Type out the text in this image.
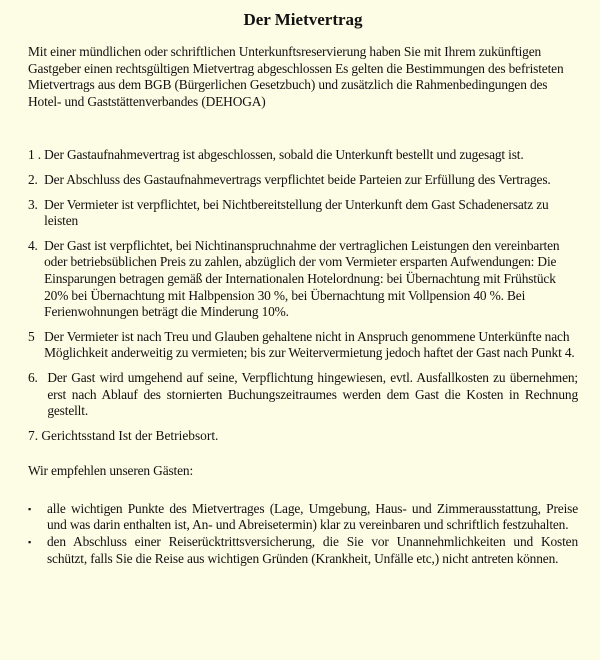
Der Mietvertrag

Mit einer mündlichen oder schriftlichen Unterkunftsreservierung haben Sie mit Ihrem zukünftigen Gastgeber einen rechtsgültigen Mietvertrag abgeschlossen Es gelten die Bestimmungen des befristeten Mietvertrags aus dem BGB (Bürgerlichen Gesetzbuch) und zusätzlich die Rahmenbedingungen des Hotel- und Gaststättenverbandes (DEHOGA)

1 . Der Gastaufnahmevertrag ist abgeschlossen, sobald die Unterkunft bestellt und zugesagt ist.
2. Der Abschluss des Gastaufnahmevertrags verpflichtet beide Parteien zur Erfüllung des Vertrages.
3. Der Vermieter ist verpflichtet, bei Nichtbereitstellung der Unterkunft dem Gast Schadenersatz zu leisten
4. Der Gast ist verpflichtet, bei Nichtinanspruchnahme der vertraglichen Leistungen den vereinbarten oder betriebsüblichen Preis zu zahlen, abzüglich der vom Vermieter ersparten Aufwendungen: Die Einsparungen betragen gemäß der Internationalen Hotelordnung: bei Übernachtung mit Frühstück 20% bei Übernachtung mit Halbpension 30 %, bei Übernachtung mit Vollpension 40 %. Bei Ferienwohnungen beträgt die Minderung 10%.
5 Der Vermieter ist nach Treu und Glauben gehaltene nicht in Anspruch genommene Unterkünfte nach Möglichkeit anderweitig zu vermieten; bis zur Weitervermietung jedoch haftet der Gast nach Punkt 4.
6. Der Gast wird umgehend auf seine, Verpflichtung hingewiesen, evtl. Ausfallkosten zu übernehmen; erst nach Ablauf des stornierten Buchungszeitraumes werden dem Gast die Kosten in Rechnung gestellt.

7. Gerichtsstand Ist der Betriebsort.

Wir empfehlen unseren Gästen:

▪	alle wichtigen Punkte des Mietvertrages (Lage, Umgebung, Haus- und Zimmerausstattung, Preise und was darin enthalten ist, An- und Abreisetermin) klar zu vereinbaren und schriftlich festzuhalten.
▪	den Abschluss einer Reiserücktrittsversicherung, die Sie vor Unannehmlichkeiten und Kosten schützt, falls Sie die Reise aus wichtigen Gründen (Krankheit, Unfälle etc,) nicht antreten können.
